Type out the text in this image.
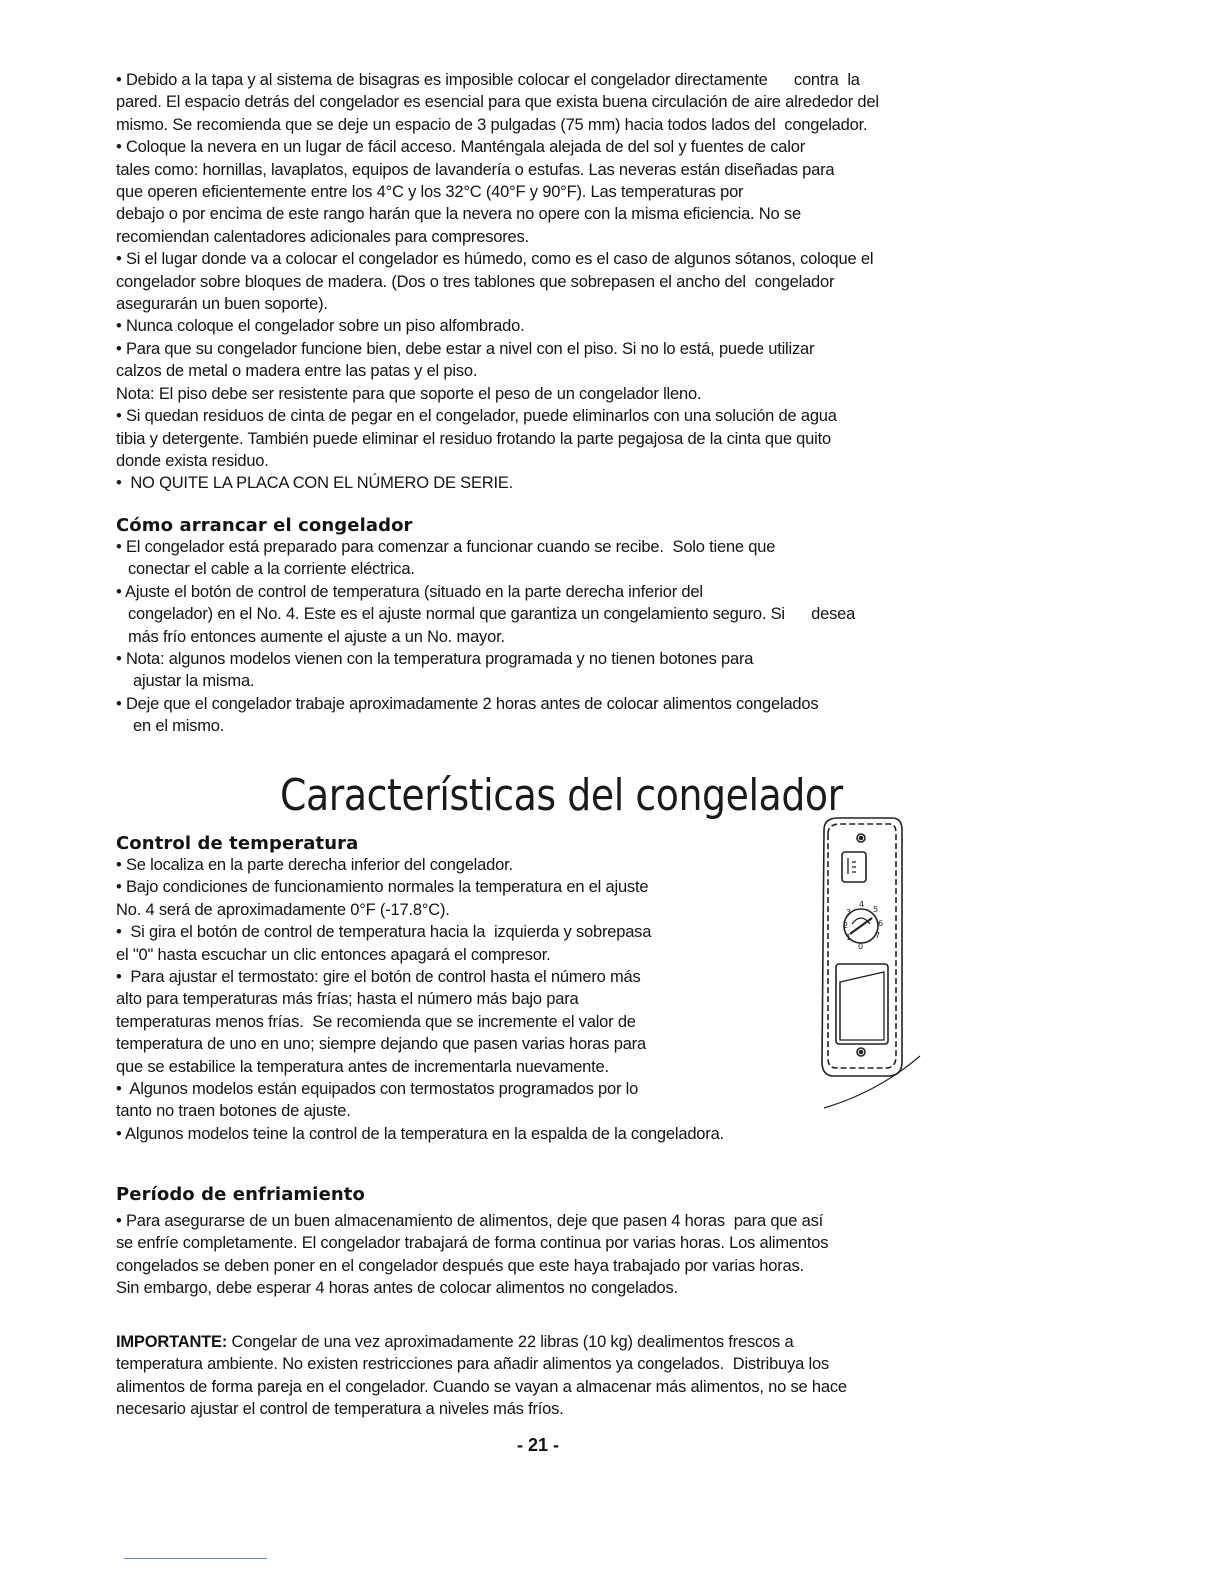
• Debido a la tapa y al sistema de bisagras es imposible colocar el congelador directamente      contra  la

pared. El espacio detrás del congelador es esencial para que exista buena circulación de aire alrededor del

mismo. Se recomienda que se deje un espacio de 3 pulgadas (75 mm) hacia todos lados del  congelador.

• Coloque la nevera en un lugar de fácil acceso. Manténgala alejada de del sol y fuentes de calor

tales como: hornillas, lavaplatos, equipos de lavandería o estufas. Las neveras están diseñadas para

que operen eficientemente entre los 4°C y los 32°C (40°F y 90°F). Las temperaturas por

debajo o por encima de este rango harán que la nevera no opere con la misma eficiencia. No se

recomiendan calentadores adicionales para compresores.

• Si el lugar donde va a colocar el congelador es húmedo, como es el caso de algunos sótanos, coloque el

congelador sobre bloques de madera. (Dos o tres tablones que sobrepasen el ancho del  congelador

asegurarán un buen soporte).

• Nunca coloque el congelador sobre un piso alfombrado.

• Para que su congelador funcione bien, debe estar a nivel con el piso. Si no lo está, puede utilizar

calzos de metal o madera entre las patas y el piso.

Nota: El piso debe ser resistente para que soporte el peso de un congelador lleno.

• Si quedan residuos de cinta de pegar en el congelador, puede eliminarlos con una solución de agua

tibia y detergente. También puede eliminar el residuo frotando la parte pegajosa de la cinta que quito

donde exista residuo.

•  NO QUITE LA PLACA CON EL NÚMERO DE SERIE.

Cómo arrancar el congelador

• El congelador está preparado para comenzar a funcionar cuando se recibe.  Solo tiene que

conectar el cable a la corriente eléctrica.

• Ajuste el botón de control de temperatura (situado en la parte derecha inferior del

congelador) en el No. 4. Este es el ajuste normal que garantiza un congelamiento seguro. Si      desea

más frío entonces aumente el ajuste a un No. mayor.

• Nota: algunos modelos vienen con la temperatura programada y no tienen botones para

ajustar la misma.

• Deje que el congelador trabaje aproximadamente 2 horas antes de colocar alimentos congelados

en el mismo.

Características del congelador
Control de temperatura

• Se localiza en la parte derecha inferior del congelador.

• Bajo condiciones de funcionamiento normales la temperatura en el ajuste

No. 4 será de aproximadamente 0°F (-17.8°C).

•  Si gira el botón de control de temperatura hacia la  izquierda y sobrepasa

el "0" hasta escuchar un clic entonces apagará el compresor.

•  Para ajustar el termostato: gire el botón de control hasta el número más

alto para temperaturas más frías; hasta el número más bajo para

temperaturas menos frías.  Se recomienda que se incremente el valor de

temperatura de uno en uno; siempre dejando que pasen varias horas para

que se estabilice la temperatura antes de incrementarla nuevamente.

•  Algunos modelos están equipados con termostatos programados por lo

tanto no traen botones de ajuste.

• Algunos modelos teine la control de la temperatura en la espalda de la congeladora.

Período de enfriamiento

• Para asegurarse de un buen almacenamiento de alimentos, deje que pasen 4 horas  para que así

se enfríe completamente. El congelador trabajará de forma continua por varias horas. Los alimentos

congelados se deben poner en el congelador después que este haya trabajado por varias horas.

Sin embargo, debe esperar 4 horas antes de colocar alimentos no congelados.

IMPORTANTE: Congelar de una vez aproximadamente 22 libras (10 kg) dealimentos frescos a

temperatura ambiente. No existen restricciones para añadir alimentos ya congelados.  Distribuya los

alimentos de forma pareja en el congelador. Cuando se vayan a almacenar más alimentos, no se hace

necesario ajustar el control de temperatura a niveles más fríos.

- 21 -
1
2
3
4
5
6
7
0
